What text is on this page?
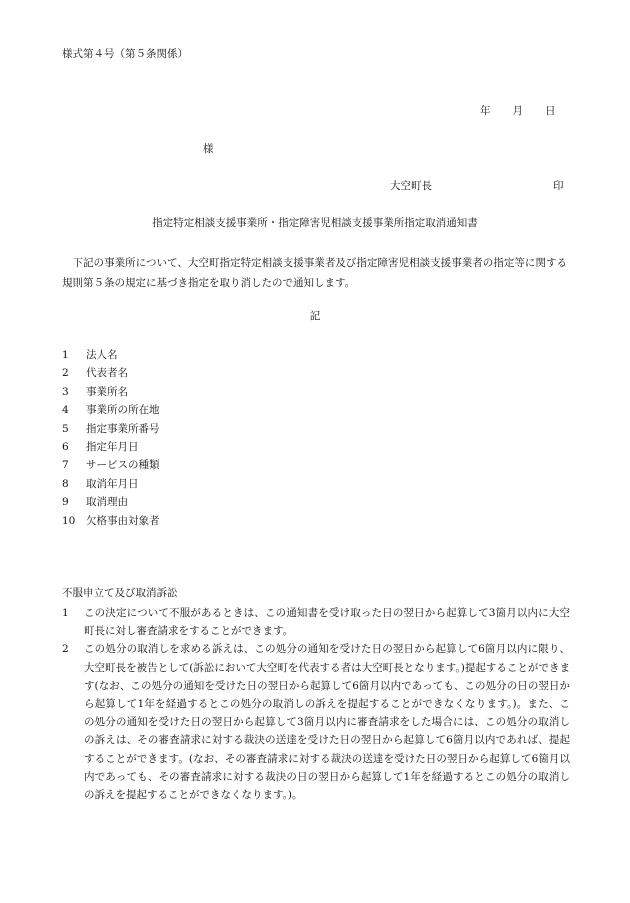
様式第４号（第５条関係）
年 月 日
様
大空町長	印
指定特定相談支援事業所・指定障害児相談支援事業所指定取消通知書
下記の事業所について、大空町指定特定相談支援事業者及び指定障害児相談支援事業者の指定等に関する規則第５条の規定に基づき指定を取り消したので通知します。
記
1	法人名
2	代表者名
3	事業所名
4	事業所の所在地
5	指定事業所番号
6	指定年月日
7	サービスの種類
8	取消年月日
9	取消理由
10	欠格事由対象者
不服申立て及び取消訴訟
1	この決定について不服があるときは、この通知書を受け取った日の翌日から起算して3箇月以内に大空町長に対し審査請求をすることができます。
2	この処分の取消しを求める訴えは、この処分の通知を受けた日の翌日から起算して6箇月以内に限り、大空町長を被告として(訴訟において大空町を代表する者は大空町長となります。)提起することができます(なお、この処分の通知を受けた日の翌日から起算して6箇月以内であっても、この処分の日の翌日から起算して1年を経過するとこの処分の取消しの訴えを提起することができなくなります。)。また、この処分の通知を受けた日の翌日から起算して3箇月以内に審査請求をした場合には、この処分の取消しの訴えは、その審査請求に対する裁決の送達を受けた日の翌日から起算して6箇月以内であれば、提起することができます。(なお、その審査請求に対する裁決の送達を受けた日の翌日から起算して6箇月以内であっても、その審査請求に対する裁決の日の翌日から起算して1年を経過するとこの処分の取消しの訴えを提起することができなくなります。)。
